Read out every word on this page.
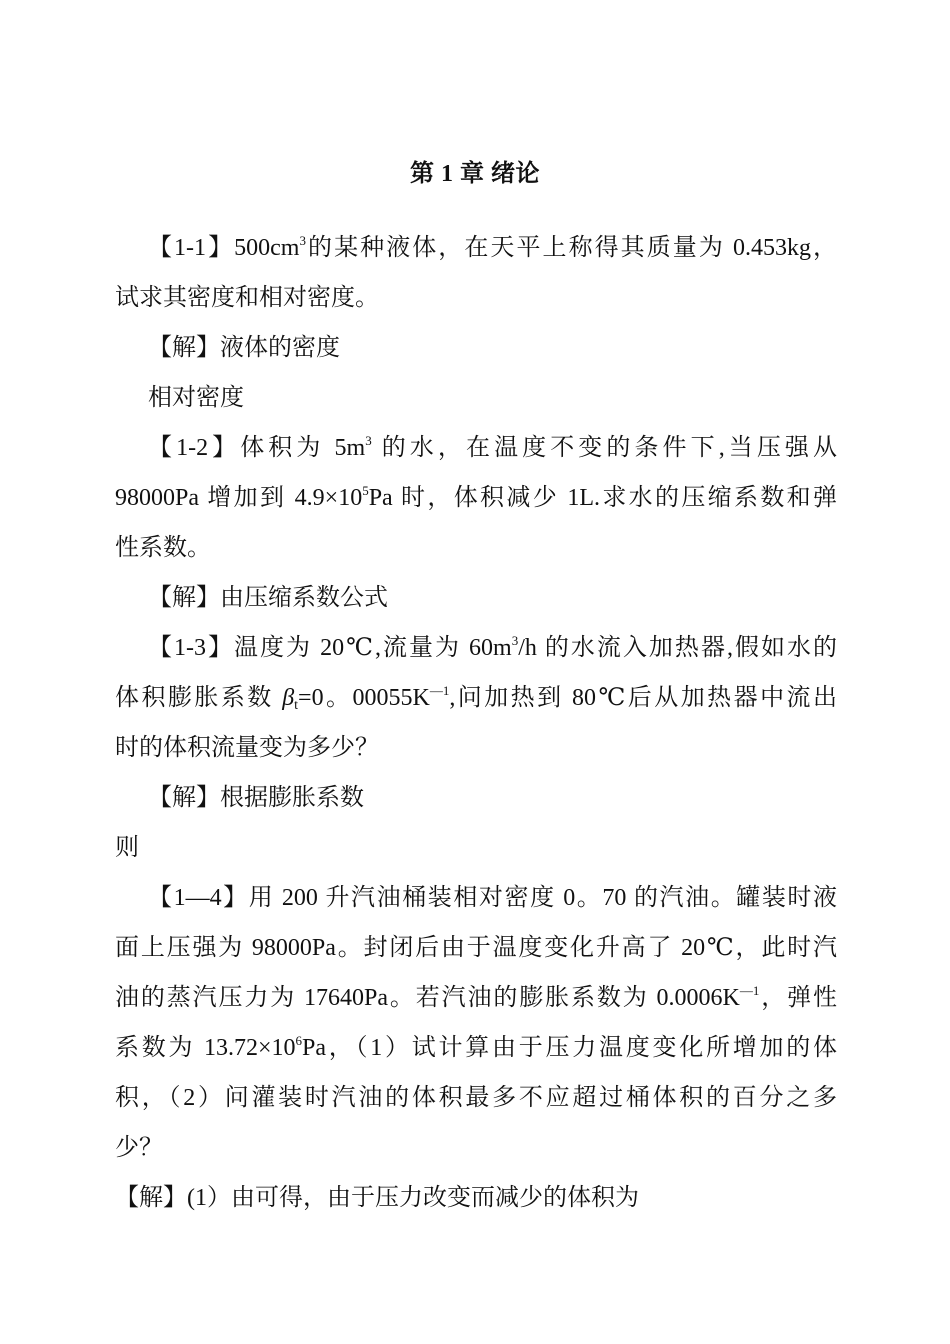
第 1 章 绪论
【1-1】$500cm^3$的某种液体，在天平上称得其质量为 0.453kg，
试求其密度和相对密度。
【解】液体的密度
相对密度
【1-2】体积为 $5m^3$ 的水，在温度不变的条件下,当压强从
98000Pa 增加到 $4.9\times 10^5Pa$ 时，体积减少 1L.求水的压缩系数和弹
性系数。
【解】由压缩系数公式
【1-3】温度为 20℃,流量为 $60m^3/h$ 的水流入加热器,假如水的
体积膨胀系数 $\beta_t=0$。$00055K^{—1}$,问加热到 80℃后从加热器中流出
时的体积流量变为多少？
【解】根据膨胀系数
则
【1—4】用 200 升汽油桶装相对密度 0。70 的汽油。罐装时液
面上压强为 98000Pa。封闭后由于温度变化升高了 20℃，此时汽
油的蒸汽压力为 17640Pa。若汽油的膨胀系数为 $0.0006K^{—1}$，弹性
系数为 $13.72\times 10^6Pa$，（1）试计算由于压力温度变化所增加的体
积，（2）问灌装时汽油的体积最多不应超过桶体积的百分之多
少？
【解】(1）由可得，由于压力改变而减少的体积为
